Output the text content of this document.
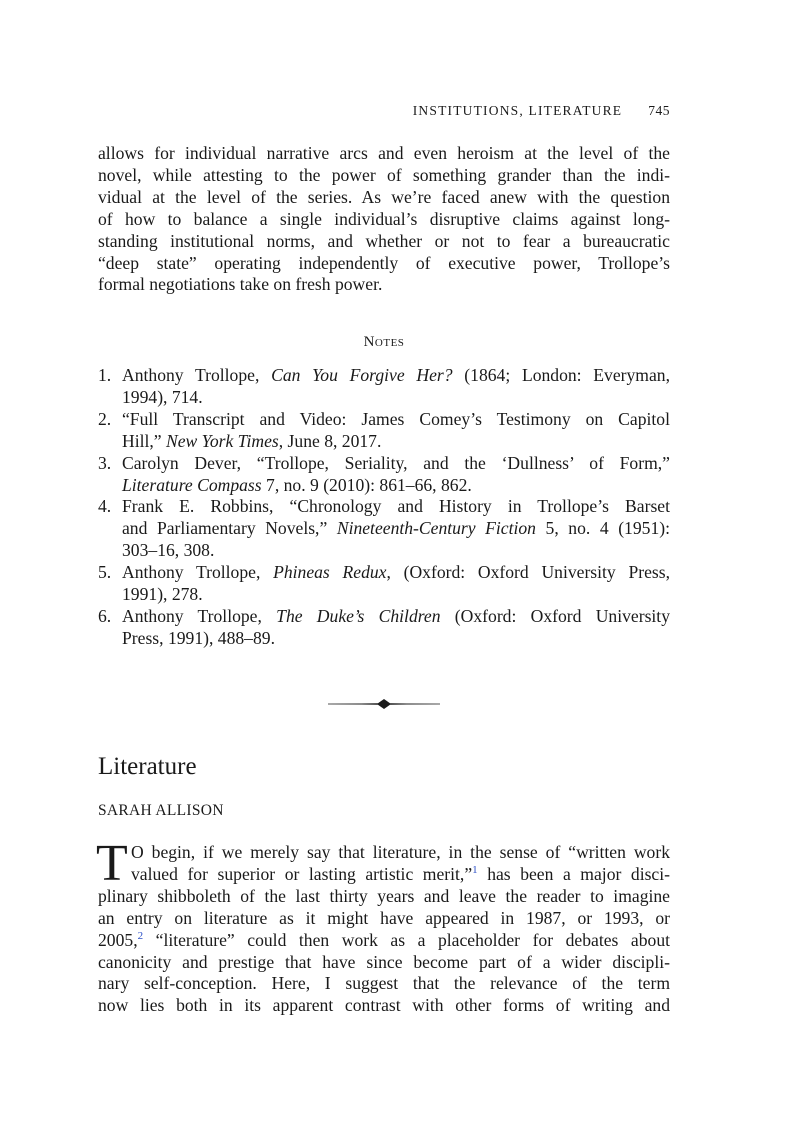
INSTITUTIONS, LITERATURE 745
allows for individual narrative arcs and even heroism at the level of the
novel, while attesting to the power of something grander than the indi-
vidual at the level of the series. As we’re faced anew with the question
of how to balance a single individual’s disruptive claims against long-
standing institutional norms, and whether or not to fear a bureaucratic
“deep state” operating independently of executive power, Trollope’s
formal negotiations take on fresh power.
Notes
1. Anthony Trollope, Can You Forgive Her? (1864; London: Everyman,
1994), 714.
2. “Full Transcript and Video: James Comey’s Testimony on Capitol
Hill,” New York Times, June 8, 2017.
3. Carolyn Dever, “Trollope, Seriality, and the ‘Dullness’ of Form,”
Literature Compass 7, no. 9 (2010): 861–66, 862.
4. Frank E. Robbins, “Chronology and History in Trollope’s Barset
and Parliamentary Novels,” Nineteenth-Century Fiction 5, no. 4 (1951):
303–16, 308.
5. Anthony Trollope, Phineas Redux, (Oxford: Oxford University Press,
1991), 278.
6. Anthony Trollope, The Duke’s Children (Oxford: Oxford University
Press, 1991), 488–89.
Literature
SARAH ALLISON
T O begin, if we merely say that literature, in the sense of “written work
valued for superior or lasting artistic merit,”$^1$ has been a major disci-
plinary shibboleth of the last thirty years and leave the reader to imagine
an entry on literature as it might have appeared in 1987, or 1993, or
2005,$^2$ “literature” could then work as a placeholder for debates about
canonicity and prestige that have since become part of a wider discipli-
nary self-conception. Here, I suggest that the relevance of the term
now lies both in its apparent contrast with other forms of writing and
